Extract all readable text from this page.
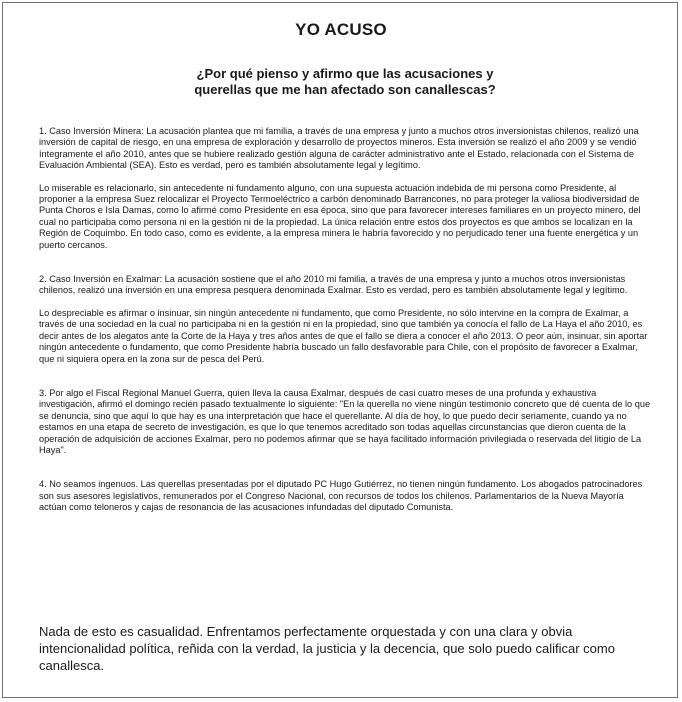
YO ACUSO
¿Por qué pienso y afirmo que las acusaciones y
querellas que me han afectado son canallescas?

1. Caso Inversión Minera: La acusación plantea que mi familia, a través de una empresa y junto a muchos otros inversionistas chilenos, realizó una inversión de capital de riesgo, en una empresa de exploración y desarrollo de proyectos mineros. Esta inversión se realizó el año 2009 y se vendió íntegramente el año 2010, antes que se hubiere realizado gestión alguna de carácter administrativo ante el Estado, relacionada con el Sistema de Evaluación Ambiental (SEA). Esto es verdad, pero es también absolutamente legal y legítimo.

Lo miserable es relacionarlo, sin antecedente ni fundamento alguno, con una supuesta actuación indebida de mi persona como Presidente, al proponer a la empresa Suez relocalizar el Proyecto Termoeléctrico a carbón denominado Barrancones, no para proteger la valiosa biodiversidad de Punta Choros e Isla Damas, como lo afirmé como Presidente en esa época, sino que para favorecer intereses familiares en un proyecto minero, del cual no participaba como persona ni en la gestión ni de la propiedad. La única relación entre estos dos proyectos es que ambos se localizan en la Región de Coquimbo. En todo caso, como es evidente, a la empresa minera le habría favorecido y no perjudicado tener una fuente energética y un puerto cercanos.

2. Caso Inversión en Exalmar: La acusación sostiene que el año 2010 mi familia, a través de una empresa y junto a muchos otros inversionistas chilenos, realizó una inversión en una empresa pesquera denominada Exalmar. Esto es verdad, pero es también absolutamente legal y legítimo.

Lo despreciable es afirmar o insinuar, sin ningún antecedente ni fundamento, que como Presidente, no sólo intervine en la compra de Exalmar, a través de una sociedad en la cual no participaba ni en la gestión ni en la propiedad, sino que también ya conocía el fallo de La Haya el año 2010, es decir antes de los alegatos ante la Corte de la Haya y tres años antes de que el fallo se diera a conocer el año 2013. O peor aún, insinuar, sin aportar ningún antecedente o fundamento, que como Presidente habría buscado un fallo desfavorable para Chile, con el propósito de favorecer a Exalmar, que ni siquiera opera en la zona sur de pesca del Perú.

3. Por algo el Fiscal Regional Manuel Guerra, quien lleva la causa Exalmar, después de casi cuatro meses de una profunda y exhaustiva investigación, afirmó el domingo recién pasado textualmente lo siguiente: "En la querella no viene ningún testimonio concreto que dé cuenta de lo que se denuncia, sino que aquí lo que hay es una interpretación que hace el querellante. Al día de hoy, lo que puedo decir seriamente, cuando ya no estamos en una etapa de secreto de investigación, es que lo que tenemos acreditado son todas aquellas circunstancias que dieron cuenta de la operación de adquisición de acciones Exalmar, pero no podemos afirmar que se haya facilitado información privilegiada o reservada del litigio de La Haya".

4. No seamos ingenuos. Las querellas presentadas por el diputado PC Hugo Gutiérrez, no tienen ningún fundamento. Los abogados patrocinadores son sus asesores legislativos, remunerados por el Congreso Nacional, con recursos de todos los chilenos. Parlamentarios de la Nueva Mayoría actúan como teloneros y cajas de resonancia de las acusaciones infundadas del diputado Comunista.

Nada de esto es casualidad. Enfrentamos perfectamente orquestada y con una clara y obvia intencionalidad política, reñida con la verdad, la justicia y la decencia, que solo puedo calificar como canallesca.
